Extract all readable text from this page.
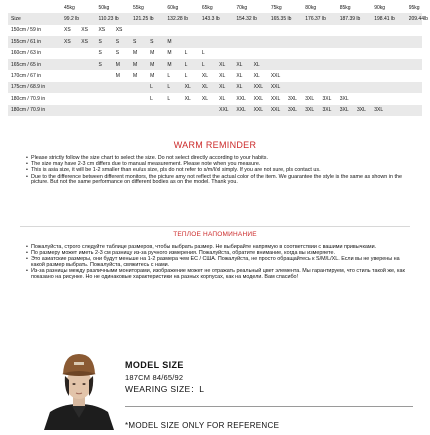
	45kg		50kg		55kg		60kg		65kg		70kg		75kg		80kg		85kg		90kg		95kg
Size	99.2 lb		110.23 lb		121.25 lb		132.28 lb		143.3 lb		154.32 lb		165.35 lb		176.37 lb		187.39 lb		198.41 lb		209.44lb
150cm / 59 in	XS	XS	XS	XS																	
155cm / 61 in	XS	XS	S	S	S	S	M														
160cm / 63 in			S	S	M	M	M	L	L												
165cm / 65 in			S	M	M	M	M	L	L	XL	XL	XL									
170cm / 67 in				M	M	M	L	L	XL	XL	XL	XL	XXL								
175cm / 68.9 in						L	L	XL	XL	XL	XL	XXL	XXL								
180cm / 70.9 in						L	L	XL	XL	XL	XXL	XXL	XXL	3XL	3XL	3XL	3XL				
180cm / 70.9 in										XXL	XXL	XXL	XXL	3XL	3XL	3XL	3XL	3XL	3XL		
WARM REMINDER
• Please strictly follow the size chart to select the size. Do not select directly according to your habits.
• The size may have 2-3 cm differs due to manual measurement. Please note when you measure.
• This is asia size, it will be 1-2 smaller than eu/us size, pls do not refer to s/m/l/xl simply. If you are not sure, pls contact us.
• Due to the difference between different monitors, the picture amy not reflect the actual color of the item. We guarantee the style is the same as shown in the picture. But not the same performance on different bodies as on the model. Thank you.
ТЕПЛОЕ НАПОМИНАНИЕ
• Пожалуйста, строго следуйте таблице размеров, чтобы выбрать размер. Не выбирайте напрямую в соответствии с вашими привычками.
• По размеру может иметь 2-3 см разницу из-за ручного измерения. Пожалуйста, обратите внимание, когда вы измеряете.
• Это азиатские размеры, они будут меньше на 1-2 размера чем ЕС / США. Пожалуйста, не просто обращайтесь к S/M/L/XL. Если вы не уверены на какой размер выбрать. Пожалуйста, свяжитесь с нами.
• Из-за разницы между различными мониторами, изображение может не отражать реальный цвет элемента. Мы гарантируем, что стиль такой же, как показано на рисунке. Но не одинаковые характеристики на разных корпусах, как на модели. Вам спасибо!
MODEL SIZE
187CM 84/65/92
WEARING SIZE：L
*MODEL SIZE ONLY FOR REFERENCE
